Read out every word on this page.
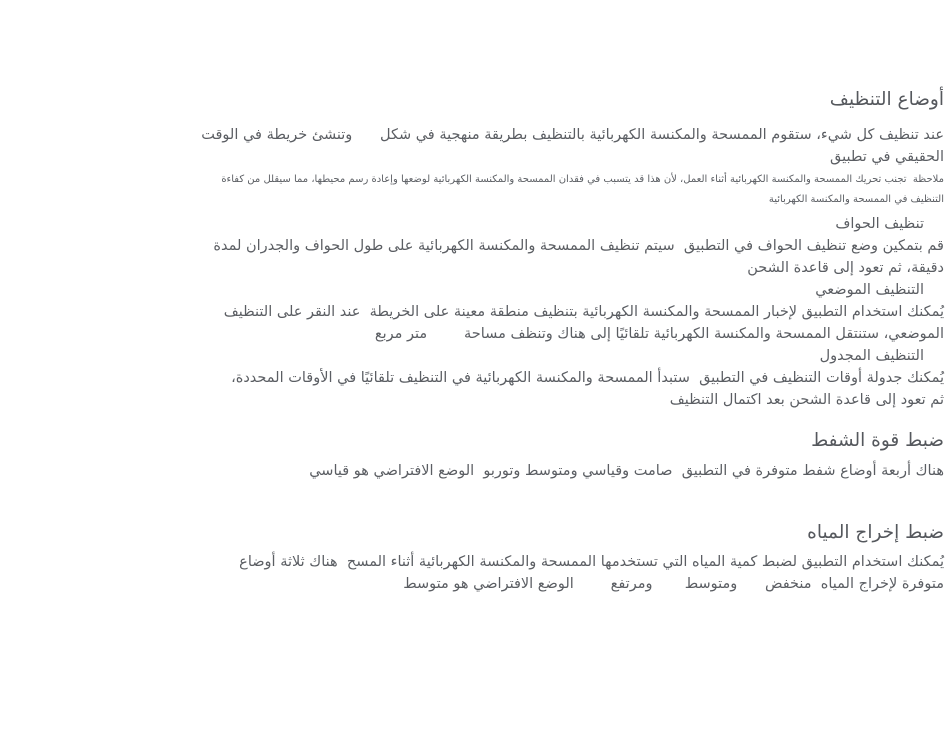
أوضاع التنظيف
عند تنظيف كل شيء، ستقوم الممسحة والمكنسة الكهربائية بالتنظيف بطريقة منهجية في شكل      وتنشئ خريطة في الوقت
الحقيقي في تطبيق
ملاحظة  تجنب تحريك الممسحة والمكنسة الكهربائية أثناء العمل، لأن هذا قد يتسبب في فقدان الممسحة والمكنسة الكهربائية لوضعها وإعادة رسم محيطها، مما سيقلل من كفاءة
التنظيف في الممسحة والمكنسة الكهربائية
تنظيف الحواف
قم بتمكين وضع تنظيف الحواف في التطبيق  سيتم تنظيف الممسحة والمكنسة الكهربائية على طول الحواف والجدران لمدة
دقيقة، ثم تعود إلى قاعدة الشحن
التنظيف الموضعي
يُمكنك استخدام التطبيق لإخبار الممسحة والمكنسة الكهربائية بتنظيف منطقة معينة على الخريطة  عند النقر على التنظيف
الموضعي، ستنتقل الممسحة والمكنسة الكهربائية تلقائيًا إلى هناك وتنظف مساحة        متر مربع
التنظيف المجدول
يُمكنك جدولة أوقات التنظيف في التطبيق  ستبدأ الممسحة والمكنسة الكهربائية في التنظيف تلقائيًا في الأوقات المحددة،
ثم تعود إلى قاعدة الشحن بعد اكتمال التنظيف
ضبط قوة الشفط
هناك أربعة أوضاع شفط متوفرة في التطبيق  صامت وقياسي ومتوسط وتوربو  الوضع الافتراضي هو قياسي
ضبط إخراج المياه
يُمكنك استخدام التطبيق لضبط كمية المياه التي تستخدمها الممسحة والمكنسة الكهربائية أثناء المسح  هناك ثلاثة أوضاع
متوفرة لإخراج المياه  منخفض      ومتوسط       ومرتفع        الوضع الافتراضي هو متوسط
